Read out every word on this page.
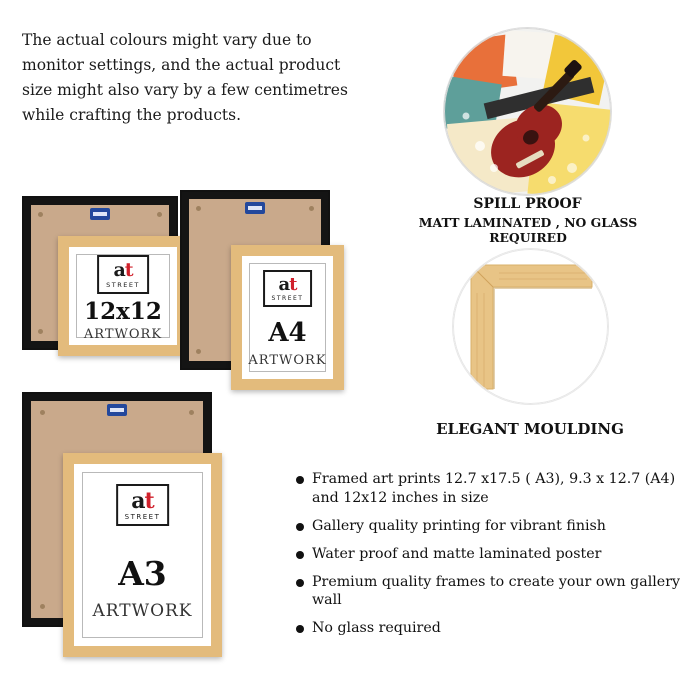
The actual colours might vary due to monitor settings, and the actual product size might also vary by a few centimetres while crafting the products.
at
STREET
12x12
ARTWORK
at
STREET
A4
ARTWORK
at
STREET
A3
ARTWORK
SPILL PROOF
MATT LAMINATED , NO GLASS REQUIRED
ELEGANT MOULDING
Framed art prints 12.7 x17.5 ( A3), 9.3 x 12.7 (A4) and 12x12 inches in size
Gallery quality printing for vibrant finish
Water proof and matte laminated poster
Premium quality frames to create your own gallery wall
No glass required
